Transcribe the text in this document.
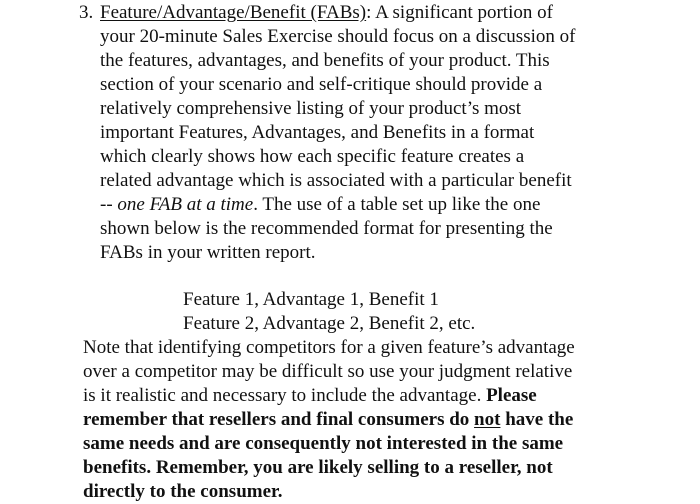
3. Feature/Advantage/Benefit (FABs): A significant portion of
your 20-minute Sales Exercise should focus on a discussion of
the features, advantages, and benefits of your product. This
section of your scenario and self-critique should provide a
relatively comprehensive listing of your product’s most
important Features, Advantages, and Benefits in a format
which clearly shows how each specific feature creates a
related advantage which is associated with a particular benefit
-- one FAB at a time. The use of a table set up like the one
shown below is the recommended format for presenting the
FABs in your written report.
Feature 1, Advantage 1, Benefit 1
Feature 2, Advantage 2, Benefit 2, etc.
Note that identifying competitors for a given feature’s advantage
over a competitor may be difficult so use your judgment relative
is it realistic and necessary to include the advantage. Please
remember that resellers and final consumers do not have the
same needs and are consequently not interested in the same
benefits. Remember, you are likely selling to a reseller, not
directly to the consumer.
